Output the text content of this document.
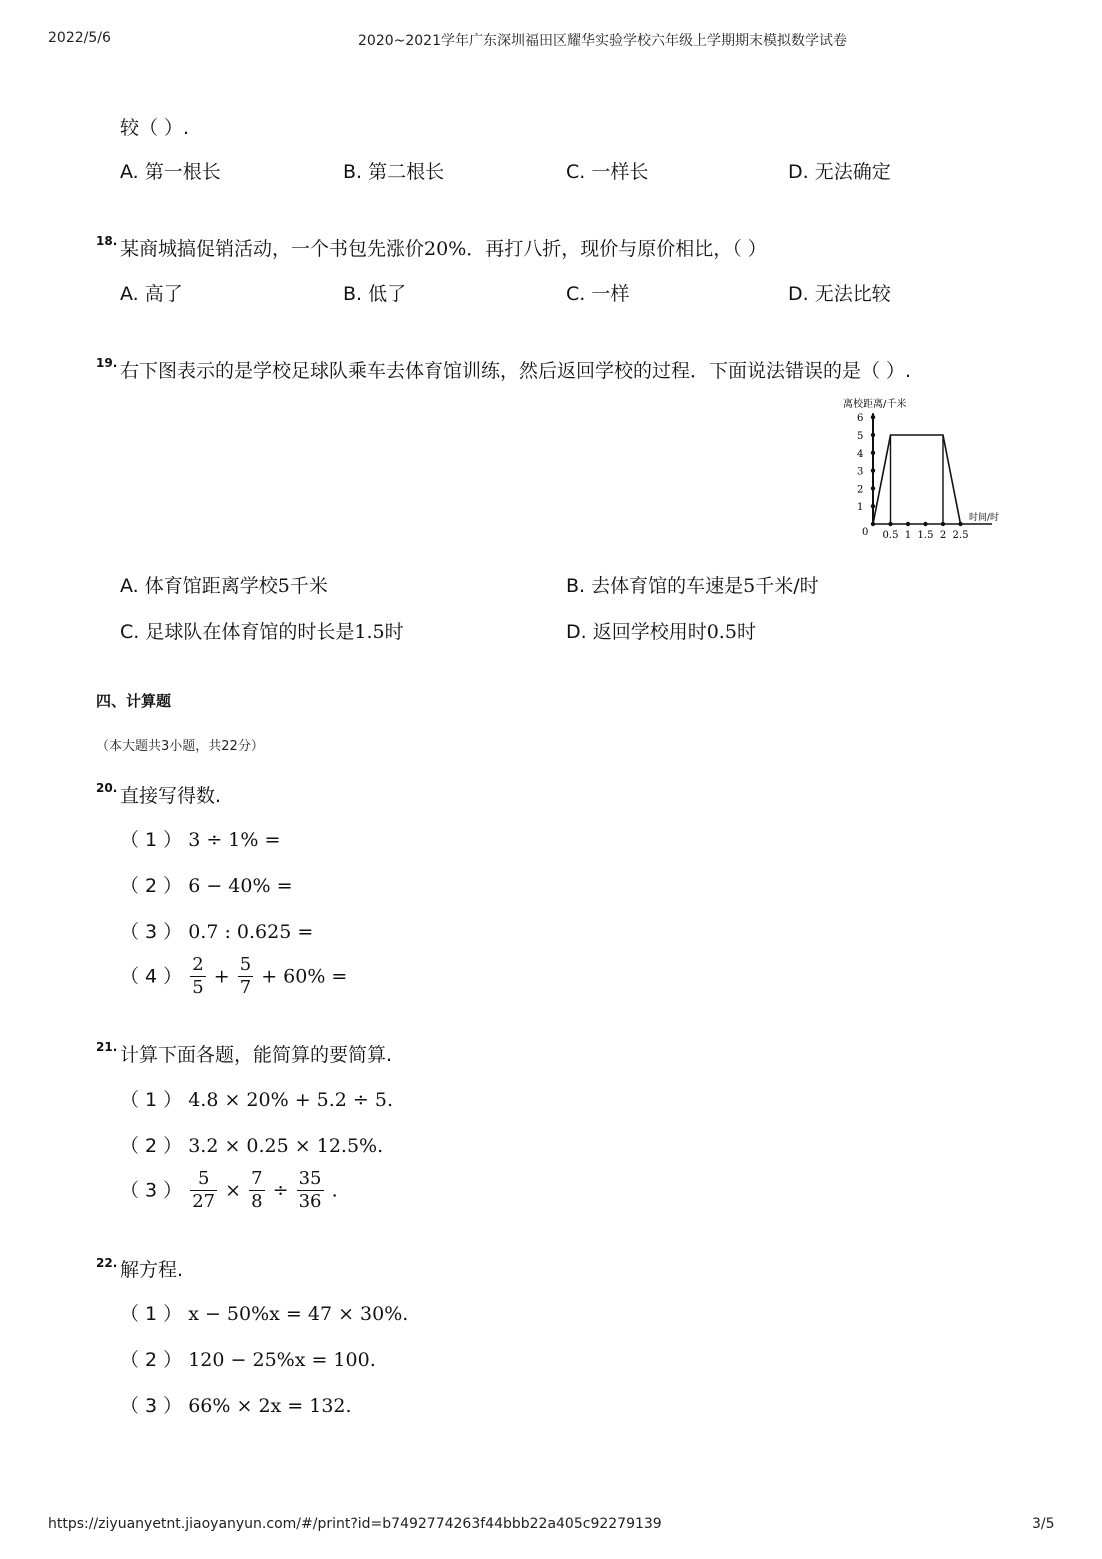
2022/5/6	2020~2021学年广东深圳福田区耀华实验学校六年级上学期期末模拟数学试卷
较（ ）.
A. 第一根长	B. 第二根长	C. 一样长	D. 无法确定
18. 某商城搞促销活动，一个书包先涨价20%．再打八折，现价与原价相比，（ ）
A. 高了	B. 低了	C. 一样	D. 无法比较
19. 右下图表示的是学校足球队乘车去体育馆训练，然后返回学校的过程．下面说法错误的是（ ）.
离校距离/千米
时间/时
0
1
2
3
4
5
6
0.5 1 1.5 2 2.5
A. 体育馆距离学校5千米	B. 去体育馆的车速是5千米/时
C. 足球队在体育馆的时长是1.5时	D. 返回学校用时0.5时
四、计算题
（本大题共3小题，共22分）
20. 直接写得数.
（ 1 ） 3 ÷ 1% =
（ 2 ） 6 − 40% =
（ 3 ） 0.7 : 0.625 =
（ 4 ） $\frac{2}{5} + \frac{5}{7} + 60\%$ =
21. 计算下面各题，能简算的要简算.
（ 1 ） 4.8 × 20% + 5.2 ÷ 5.
（ 2 ） 3.2 × 0.25 × 12.5%.
（ 3 ） $\frac{5}{27} \times \frac{7}{8} \div \frac{35}{36}$ .
22. 解方程.
（ 1 ） x − 50%x = 47 × 30%.
（ 2 ） 120 − 25%x = 100.
（ 3 ） 66% × 2x = 132.
https://ziyuanyetnt.jiaoyanyun.com/#/print?id=b7492774263f44bbb22a405c92279139	3/5
